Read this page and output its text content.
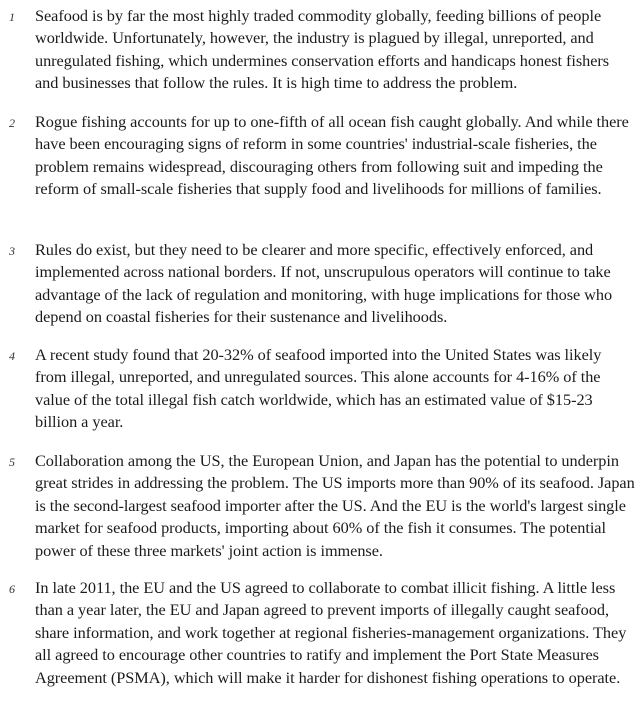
1	Seafood is by far the most highly traded commodity globally, feeding billions of people worldwide. Unfortunately, however, the industry is plagued by illegal, unreported, and unregulated fishing, which undermines conservation efforts and handicaps honest fishers and businesses that follow the rules. It is high time to address the problem.

2	Rogue fishing accounts for up to one-fifth of all ocean fish caught globally. And while there have been encouraging signs of reform in some countries' industrial-scale fisheries, the problem remains widespread, discouraging others from following suit and impeding the reform of small-scale fisheries that supply food and livelihoods for millions of families.

3	Rules do exist, but they need to be clearer and more specific, effectively enforced, and implemented across national borders. If not, unscrupulous operators will continue to take advantage of the lack of regulation and monitoring, with huge implications for those who depend on coastal fisheries for their sustenance and livelihoods.

4	A recent study found that 20-32% of seafood imported into the United States was likely from illegal, unreported, and unregulated sources. This alone accounts for 4-16% of the value of the total illegal fish catch worldwide, which has an estimated value of $15-23 billion a year.

5	Collaboration among the US, the European Union, and Japan has the potential to underpin great strides in addressing the problem. The US imports more than 90% of its seafood. Japan is the second-largest seafood importer after the US. And the EU is the world's largest single market for seafood products, importing about 60% of the fish it consumes. The potential power of these three markets' joint action is immense.

6	In late 2011, the EU and the US agreed to collaborate to combat illicit fishing. A little less than a year later, the EU and Japan agreed to prevent imports of illegally caught seafood, share information, and work together at regional fisheries-management organizations. They all agreed to encourage other countries to ratify and implement the Port State Measures Agreement (PSMA), which will make it harder for dishonest fishing operations to operate.
